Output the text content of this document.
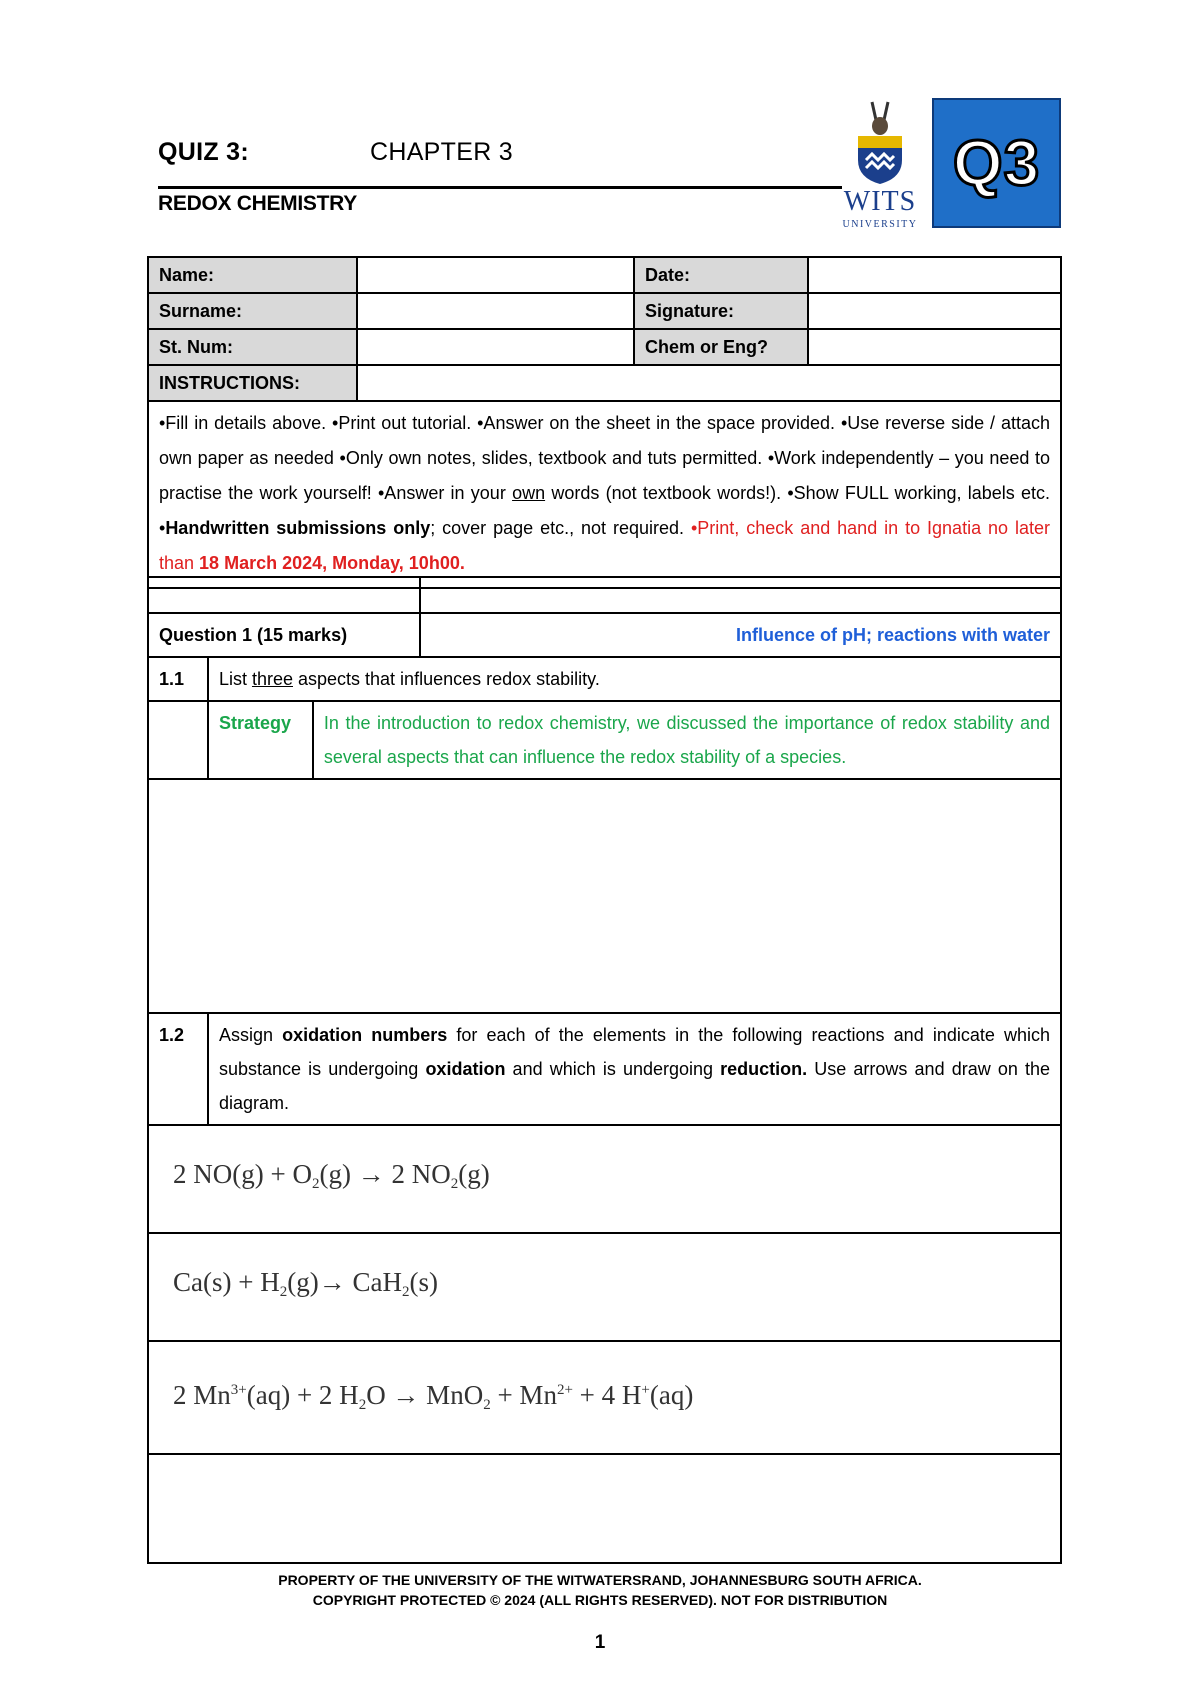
QUIZ 3:	CHAPTER 3
REDOX CHEMISTRY	WITS
UNIVERSITY
Q3
Name:		Date:	
Surname:		Signature:	
St. Num:		Chem or Eng?	
INSTRUCTIONS:			
•Fill in details above. •Print out tutorial. •Answer on the sheet in the space provided. •Use reverse side / attach own paper as needed •Only own notes, slides, textbook and tuts permitted. •Work independently – you need to practise the work yourself! •Answer in your own words (not textbook words!). •Show FULL working, labels etc. •Handwritten submissions only; cover page etc., not required. •Print, check and hand in to Ignatia no later than 18 March 2024, Monday, 10h00.			

Question 1 (15 marks)			Influence of pH; reactions with water
1.1	List three aspects that influences redox stability.		
	Strategy	In the introduction to redox chemistry, we discussed the importance of redox stability and several aspects that can influence the redox stability of a species.	

1.2	Assign oxidation numbers for each of the elements in the following reactions and indicate which substance is undergoing oxidation and which is undergoing reduction. Use arrows and draw on the diagram.		
2 $NO(g) + O_2(g) \to 2$ $NO_2(g)$			
$Ca(s) + H_2(g)\to CaH_2(s)$			
2 $Mn^{3+}(aq) + 2$ $H_2O \to MnO_2 + Mn^{2+} + 4$ H+(aq)			

PROPERTY OF THE UNIVERSITY OF THE WITWATERSRAND, JOHANNESBURG SOUTH AFRICA.
COPYRIGHT PROTECTED © 2024 (ALL RIGHTS RESERVED). NOT FOR DISTRIBUTION
1
